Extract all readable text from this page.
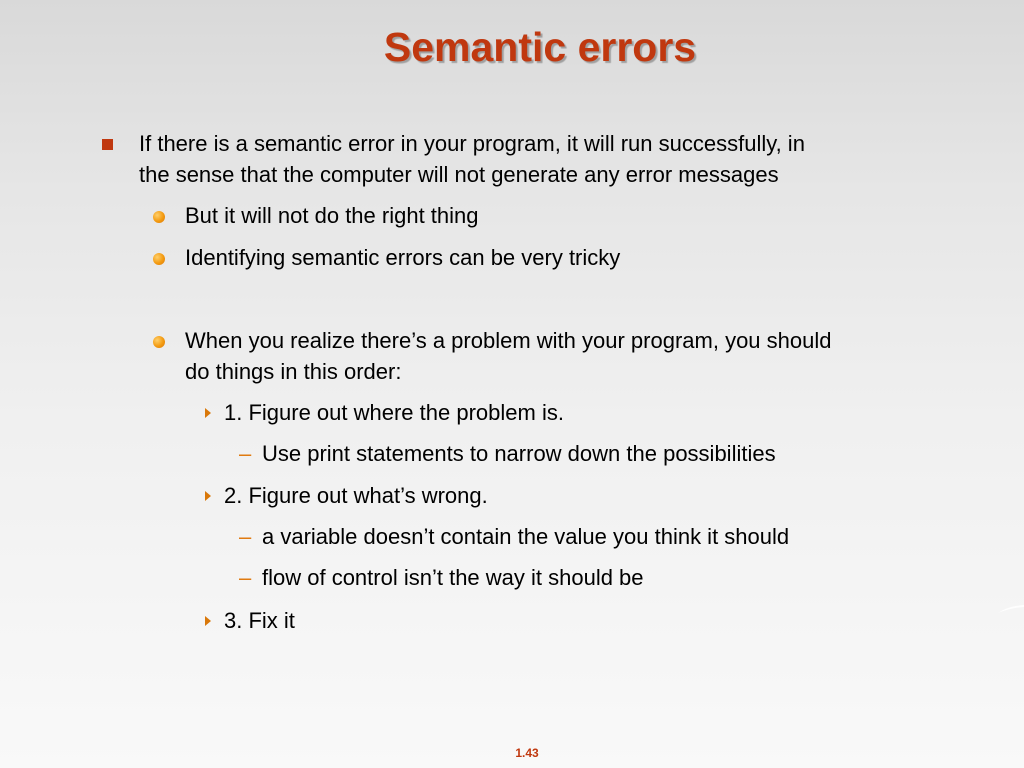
Semantic errors
If there is a semantic error in your program, it will run successfully, in
the sense that the computer will not generate any error messages
But it will not do the right thing
Identifying semantic errors can be very tricky
When you realize there’s a problem with your program, you should
do things in this order:
1. Figure out where the problem is.
– Use print statements to narrow down the possibilities
2. Figure out what’s wrong.
– a variable doesn’t contain the value you think it should
– flow of control isn’t the way it should be
3. Fix it
1.43
